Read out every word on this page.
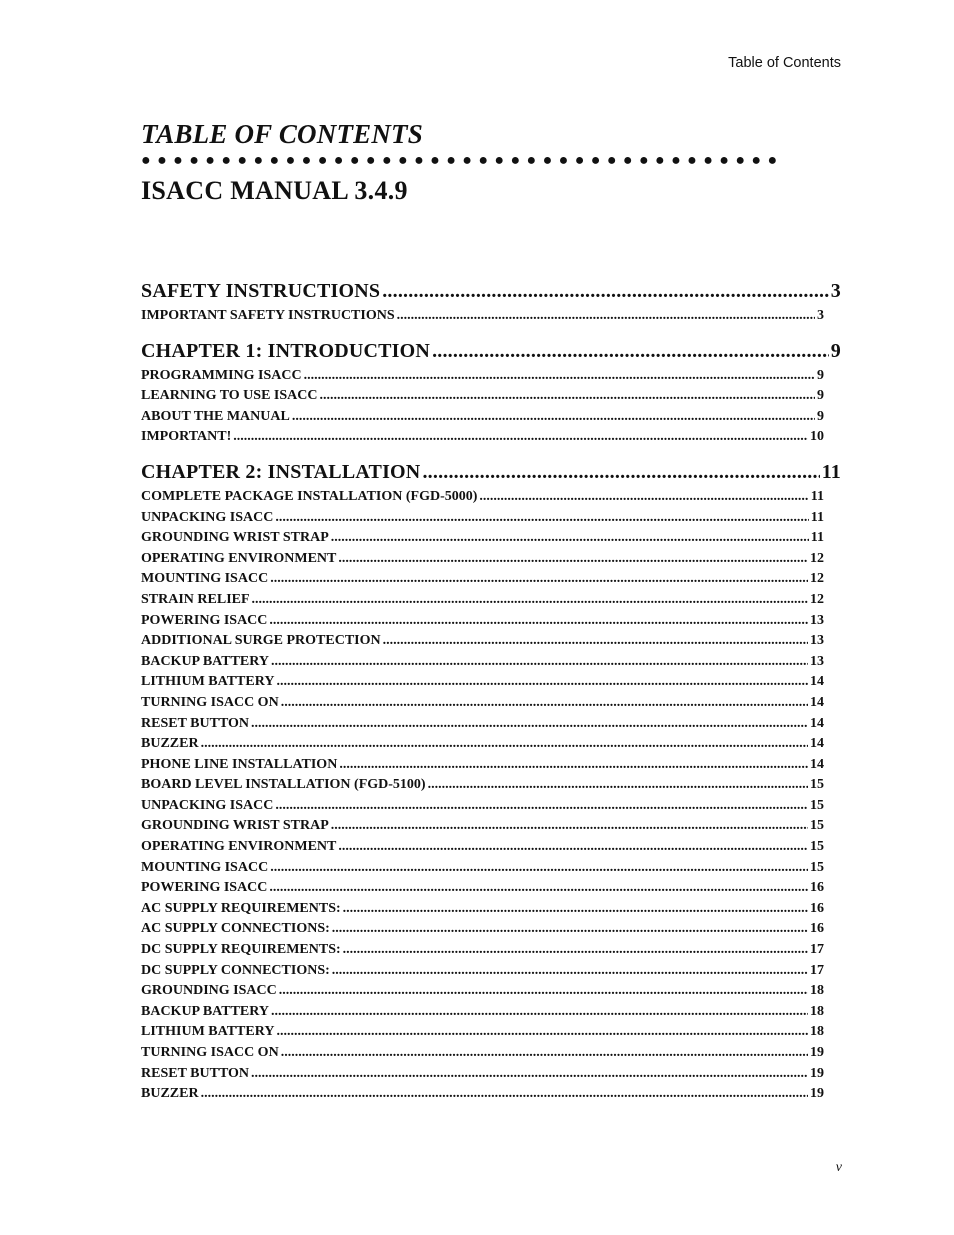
Table of Contents
TABLE OF CONTENTS
●●●●●●●●●●●●●●●●●●●●●●●●●●●●●●●●●●●●●●●●
ISACC MANUAL 3.4.9
SAFETY INSTRUCTIONS .....	3
IMPORTANT SAFETY INSTRUCTIONS .....	3
CHAPTER 1: INTRODUCTION .....	9
PROGRAMMING ISACC .....	9
LEARNING TO USE ISACC .....	9
ABOUT THE MANUAL .....	9
IMPORTANT! .....	10
CHAPTER 2: INSTALLATION .....	11
COMPLETE PACKAGE INSTALLATION (FGD-5000) .....	11
UNPACKING ISACC .....	11
GROUNDING WRIST STRAP .....	11
OPERATING ENVIRONMENT .....	12
MOUNTING ISACC .....	12
STRAIN RELIEF .....	12
POWERING ISACC .....	13
ADDITIONAL SURGE PROTECTION .....	13
BACKUP BATTERY .....	13
LITHIUM BATTERY .....	14
TURNING ISACC ON .....	14
RESET BUTTON .....	14
BUZZER .....	14
PHONE LINE INSTALLATION .....	14
BOARD LEVEL INSTALLATION (FGD-5100) .....	15
UNPACKING ISACC .....	15
GROUNDING WRIST STRAP .....	15
OPERATING ENVIRONMENT .....	15
MOUNTING ISACC .....	15
POWERING ISACC .....	16
AC SUPPLY REQUIREMENTS: .....	16
AC SUPPLY CONNECTIONS: .....	16
DC SUPPLY REQUIREMENTS: .....	17
DC SUPPLY CONNECTIONS: .....	17
GROUNDING ISACC .....	18
BACKUP BATTERY .....	18
LITHIUM BATTERY .....	18
TURNING ISACC ON .....	19
RESET BUTTON .....	19
BUZZER .....	19
v
